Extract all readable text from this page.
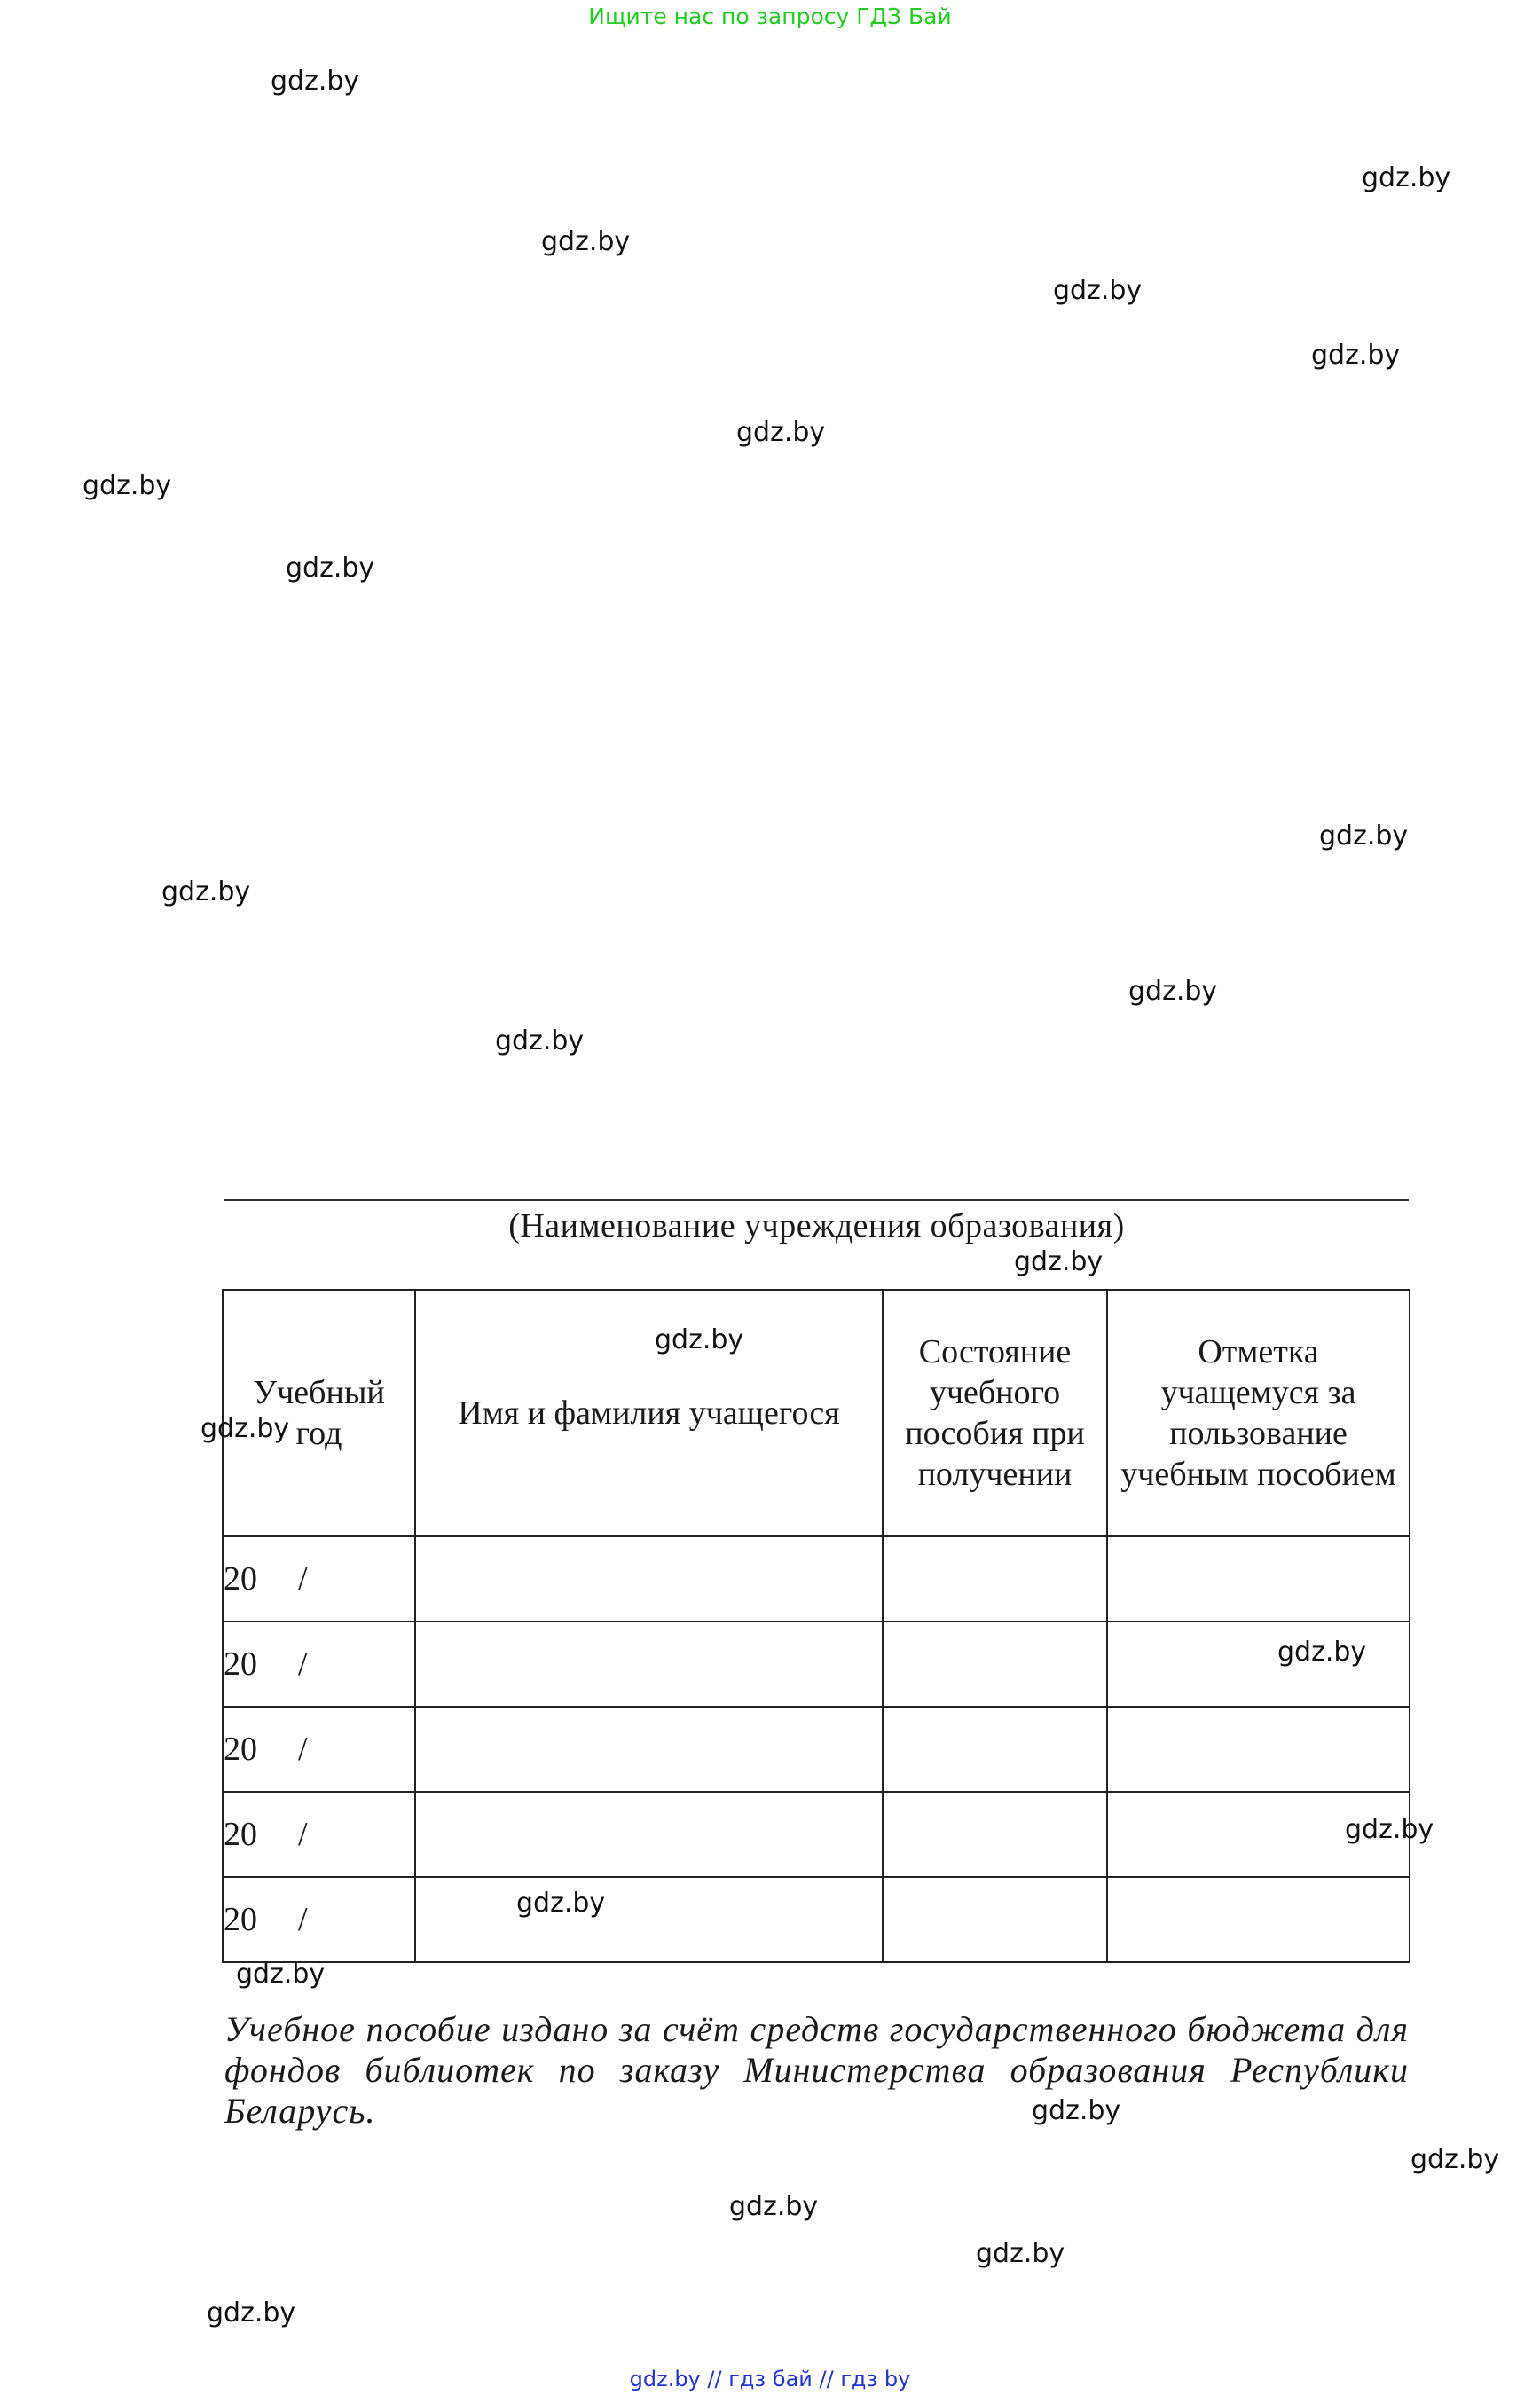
Ищите нас по запросу ГДЗ Бай
gdz.by
gdz.by
gdz.by
gdz.by
gdz.by
gdz.by
gdz.by
gdz.by
gdz.by
gdz.by
gdz.by
gdz.by
(Наименование учреждения образования)
gdz.by
Учебный год	Имя и фамилия учащегося	Состояние учебного пособия при получении	Отметка учащемуся за пользование учебным пособием
20 /			
20 /			
20 /			
20 /			
20 /			
gdz.by
gdz.by
gdz.by
gdz.by
gdz.by
gdz.by
Учебное пособие издано за счёт средств государственного бюджета для фондов библиотек по заказу Министерства образования Республики Беларусь.	gdz.by
gdz.by
gdz.by
gdz.by
gdz.by
gdz.by // гдз бай // гдз by
